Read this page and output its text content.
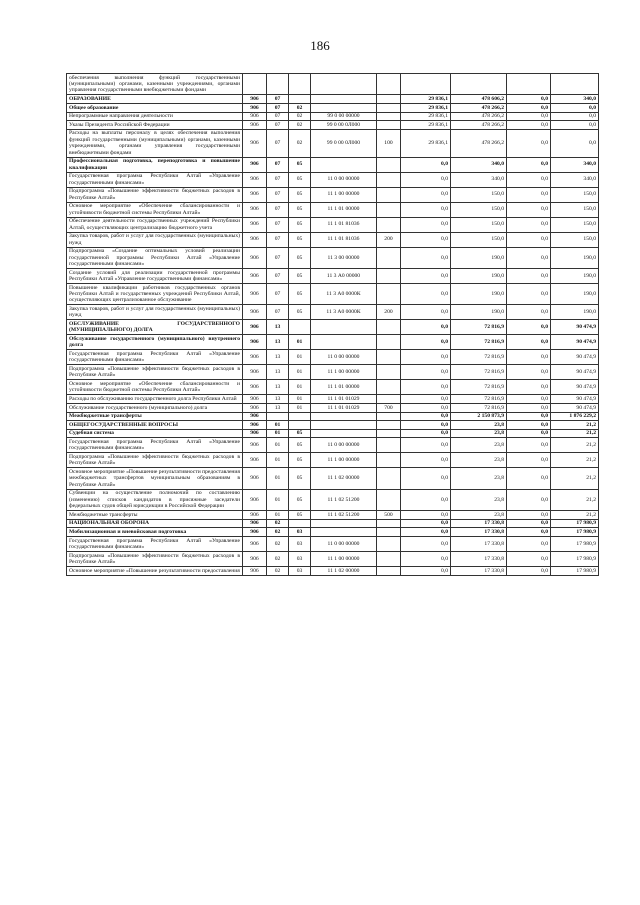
186
обеспечения выполнения функций государственными (муниципальными) органами, казенными учреждениями, органами управления государственными внебюджетными фондами									
ОБРАЗОВАНИЕ	906	07				29 836,1	478 606,2	0,0	340,0
Общее образование	906	07	02			29 836,1	478 266,2	0,0	0,0
Непрограммные направления деятельности	906	07	02	99 0 00 00000		29 836,1	478 266,2	0,0	0,0
Указы Президента Российской Федерации	906	07	02	99 0 00 0Л000		29 836,1	478 266,2	0,0	0,0
Расходы на выплаты персоналу в целях обеспечения выполнения функций государственными (муниципальными) органами, казенными учреждениями, органами управления государственными внебюджетными фондами	906	07	02	99 0 00 0Л000	100	29 836,1	478 266,2	0,0	0,0
Профессиональная подготовка, переподготовка и повышение квалификации	906	07	05			0,0	340,0	0,0	340,0
Государственная программа Республики Алтай «Управление государственными финансами»	906	07	05	11 0 00 00000		0,0	340,0	0,0	340,0
Подпрограмма «Повышение эффективности бюджетных расходов в Республике Алтай»	906	07	05	11 1 00 00000		0,0	150,0	0,0	150,0
Основное мероприятие «Обеспечение сбалансированности и устойчивости бюджетной системы Республики Алтай»	906	07	05	11 1 01 00000		0,0	150,0	0,0	150,0
Обеспечение деятельности государственных учреждений Республики Алтай, осуществляющих централизацию бюджетного учета	906	07	05	11 1 01 81036		0,0	150,0	0,0	150,0
Закупка товаров, работ и услуг для государственных (муниципальных) нужд	906	07	05	11 1 01 81036	200	0,0	150,0	0,0	150,0
Подпрограмма «Создание оптимальных условий реализации государственной программы Республики Алтай «Управление государственными финансами»	906	07	05	11 3 00 00000		0,0	190,0	0,0	190,0
Создание условий для реализации государственной программы Республики Алтай «Управление государственными финансами»	906	07	05	11 3 А0 00000		0,0	190,0	0,0	190,0
Повышение квалификации работников государственных органов Республики Алтай и государственных учреждений Республики Алтай, осуществляющих централизованное обслуживание	906	07	05	11 3 А0 0000К		0,0	190,0	0,0	190,0
Закупка товаров, работ и услуг для государственных (муниципальных) нужд	906	07	05	11 3 А0 0000К	200	0,0	190,0	0,0	190,0
ОБСЛУЖИВАНИЕ ГОСУДАРСТВЕННОГО (МУНИЦИПАЛЬНОГО) ДОЛГА	906	13				0,0	72 816,9	0,0	90 474,9
Обслуживание государственного (муниципального) внутреннего долга	906	13	01			0,0	72 816,9	0,0	90 474,9
Государственная программа Республики Алтай «Управление государственными финансами»	906	13	01	11 0 00 00000		0,0	72 816,9	0,0	90 474,9
Подпрограмма «Повышение эффективности бюджетных расходов в Республике Алтай»	906	13	01	11 1 00 00000		0,0	72 816,9	0,0	90 474,9
Основное мероприятие «Обеспечение сбалансированности и устойчивости бюджетной системы Республики Алтай»	906	13	01	11 1 01 00000		0,0	72 816,9	0,0	90 474,9
Расходы по обслуживанию государственного долга Республики Алтай	906	13	01	11 1 01 01029		0,0	72 816,9	0,0	90 474,9
Обслуживание государственного (муниципального) долга	906	13	01	11 1 01 01029	700	0,0	72 816,9	0,0	90 474,9
Межбюджетные трансферты	906					0,0	2 150 873,9	0,0	1 876 229,2
ОБЩЕГОСУДАРСТВЕННЫЕ ВОПРОСЫ	906	01				0,0	23,8	0,0	21,2
Судебная система	906	01	05			0,0	23,8	0,0	21,2
Государственная программа Республики Алтай «Управление государственными финансами»	906	01	05	11 0 00 00000		0,0	23,8	0,0	21,2
Подпрограмма «Повышение эффективности бюджетных расходов в Республике Алтай»	906	01	05	11 1 00 00000		0,0	23,8	0,0	21,2
Основное мероприятие «Повышение результативности предоставления межбюджетных трансфертов муниципальным образованиям в Республике Алтай»	906	01	05	11 1 02 00000		0,0	23,8	0,0	21,2
Субвенции на осуществление полномочий по составлению (изменению) списков кандидатов в присяжные заседатели федеральных судов общей юрисдикции в Российской Федерации	906	01	05	11 1 02 51200		0,0	23,8	0,0	21,2
Межбюджетные трансферты	906	01	05	11 1 02 51200	500	0,0	23,8	0,0	21,2
НАЦИОНАЛЬНАЯ ОБОРОНА	906	02				0,0	17 330,8	0,0	17 980,9
Мобилизационная и вневойсковая подготовка	906	02	03			0,0	17 330,8	0,0	17 980,9
Государственная программа Республики Алтай «Управление государственными финансами»	906	02	03	11 0 00 00000		0,0	17 330,8	0,0	17 980,9
Подпрограмма «Повышение эффективности бюджетных расходов в Республике Алтай»	906	02	03	11 1 00 00000		0,0	17 330,8	0,0	17 980,9
Основное мероприятие «Повышение результативности предоставления	906	02	03	11 1 02 00000		0,0	17 330,8	0,0	17 980,9
